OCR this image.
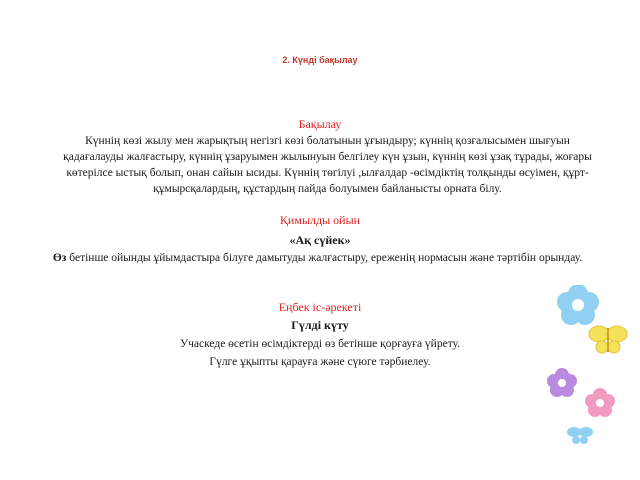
2. Күнді бақылау
Бақылау
Күннің көзі жылу мен жарықтың негізгі көзі болатынын ұғындыру; күннің қозғалысымен шығуын қадағалауды жалғастыру, күннің ұзаруымен жылынуын белгілеу күн ұзын, күннің көзі ұзақ тұрады, жоғары көтерілсе ыстық болып, онан сайын ысиды. Күннің төгілуі ,ылғалдар -өсімдіктің толқынды өсуімен, құрт- құмырсқалардың, құстардың пайда болуымен байланысты орната білу.
Қимылды ойын
«Ақ сүйек»
Өз бетінше ойынды ұйымдастыра білуге дамытуды жалғастыру, ереженің нормасын және тәртібін орындау.
Еңбек іс-әрекеті
Гүлді күту
Учаскеде өсетін өсімдіктерді өз бетінше қорғауға үйрету.
Гүлге ұқыпты қарауға және сүюге тәрбиелеу.
